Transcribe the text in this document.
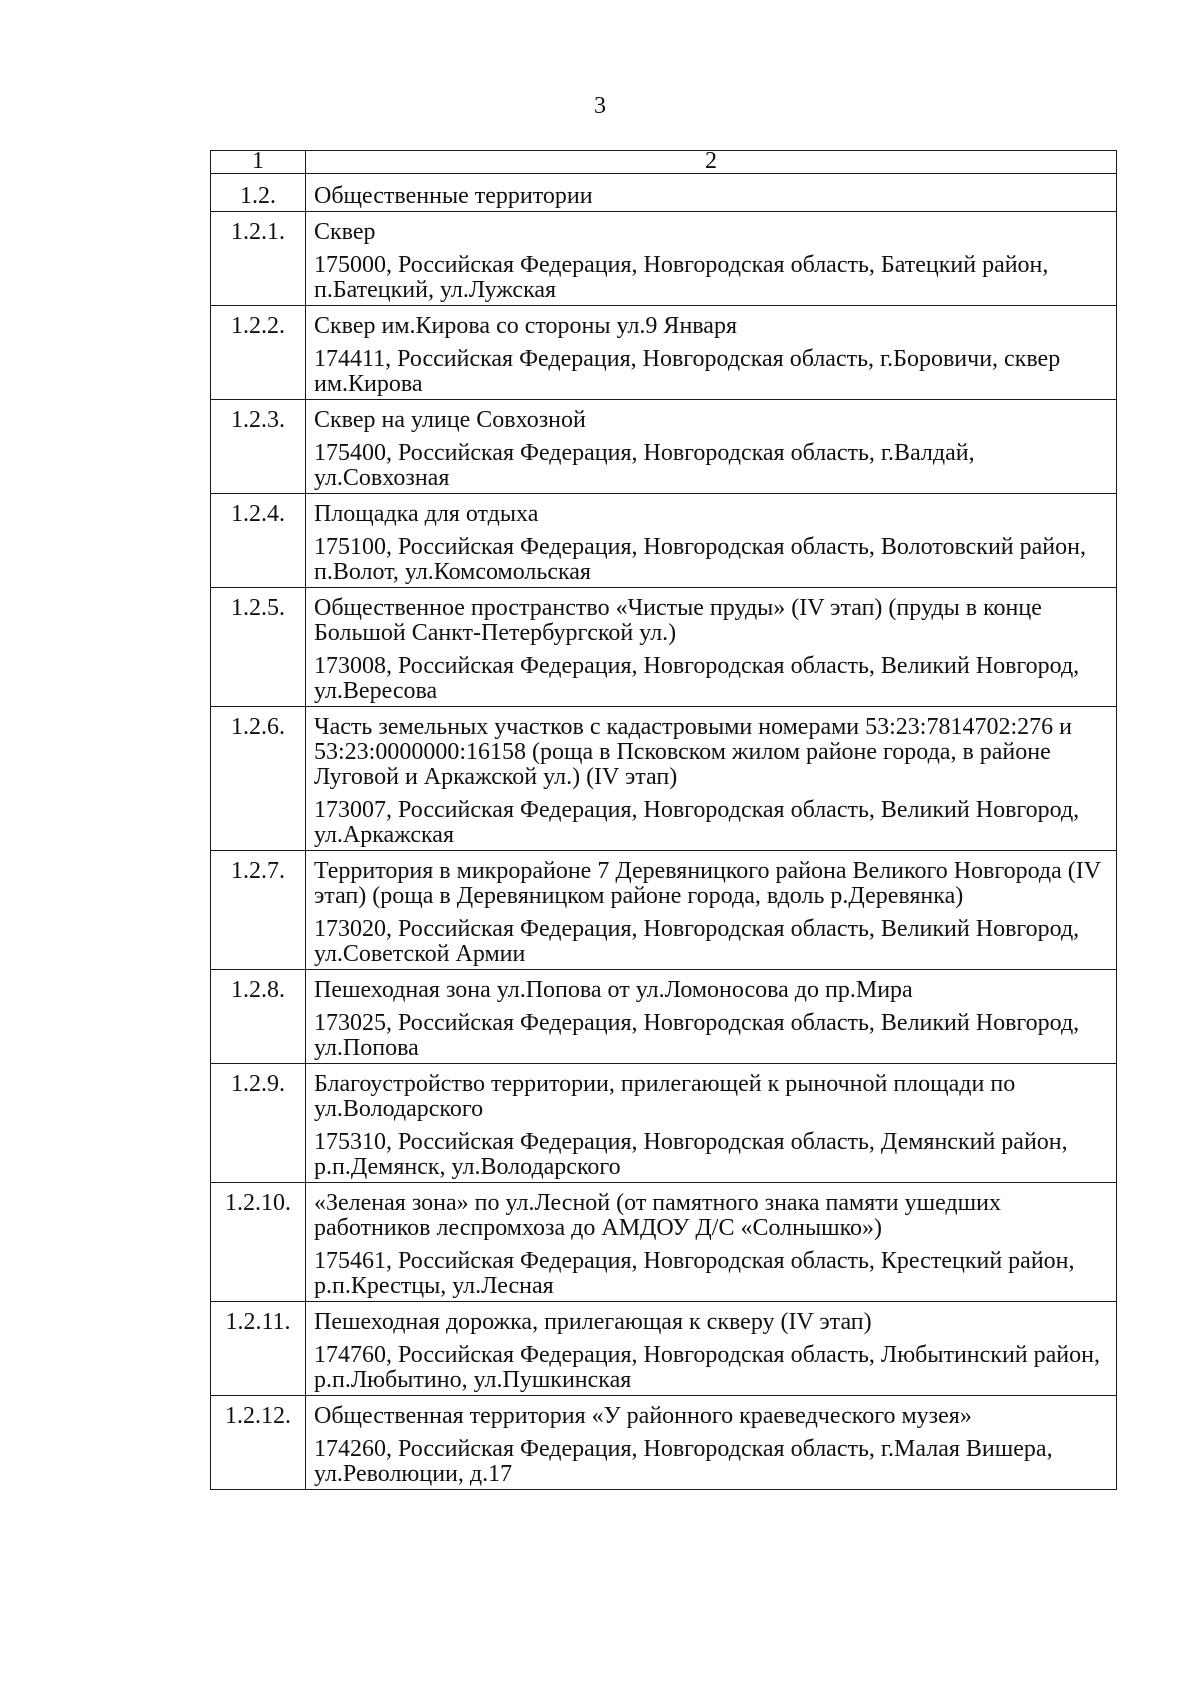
3
1	2
1.2.	Общественные территории
1.2.1.	Сквер
175000, Российская Федерация, Новгородская область, Батецкий район, п.Батецкий, ул.Лужская

1.2.2.	Сквер им.Кирова со стороны ул.9 Января
174411, Российская Федерация, Новгородская область, г.Боровичи, сквер им.Кирова

1.2.3.	Сквер на улице Совхозной
175400, Российская Федерация, Новгородская область, г.Валдай, ул.Совхозная

1.2.4.	Площадка для отдыха
175100, Российская Федерация, Новгородская область, Волотовский район, п.Волот, ул.Комсомольская

1.2.5.	Общественное пространство «Чистые пруды» (IV этап) (пруды в конце Большой Санкт-Петербургской ул.)
173008, Российская Федерация, Новгородская область, Великий Новгород, ул.Вересова

1.2.6.	Часть земельных участков с кадастровыми номерами 53:23:7814702:276 и 53:23:0000000:16158 (роща в Псковском жилом районе города, в районе Луговой и Аркажской ул.) (IV этап)
173007, Российская Федерация, Новгородская область, Великий Новгород, ул.Аркажская

1.2.7.	Территория в микрорайоне 7 Деревяницкого района Великого Новгорода (IV этап) (роща в Деревяницком районе города, вдоль р.Деревянка)
173020, Российская Федерация, Новгородская область, Великий Новгород, ул.Советской Армии

1.2.8.	Пешеходная зона ул.Попова от ул.Ломоносова до пр.Мира
173025, Российская Федерация, Новгородская область, Великий Новгород, ул.Попова

1.2.9.	Благоустройство территории, прилегающей к рыночной площади по ул.Володарского
175310, Российская Федерация, Новгородская область, Демянский район, р.п.Демянск, ул.Володарского

1.2.10.	«Зеленая зона» по ул.Лесной (от памятного знака памяти ушедших работников леспромхоза до АМДОУ Д/С «Солнышко»)
175461, Российская Федерация, Новгородская область, Крестецкий район, р.п.Крестцы, ул.Лесная

1.2.11.	Пешеходная дорожка, прилегающая к скверу (IV этап)
174760, Российская Федерация, Новгородская область, Любытинский район, р.п.Любытино, ул.Пушкинская

1.2.12.	Общественная территория «У районного краеведческого музея»
174260, Российская Федерация, Новгородская область, г.Малая Вишера, ул.Революции, д.17
